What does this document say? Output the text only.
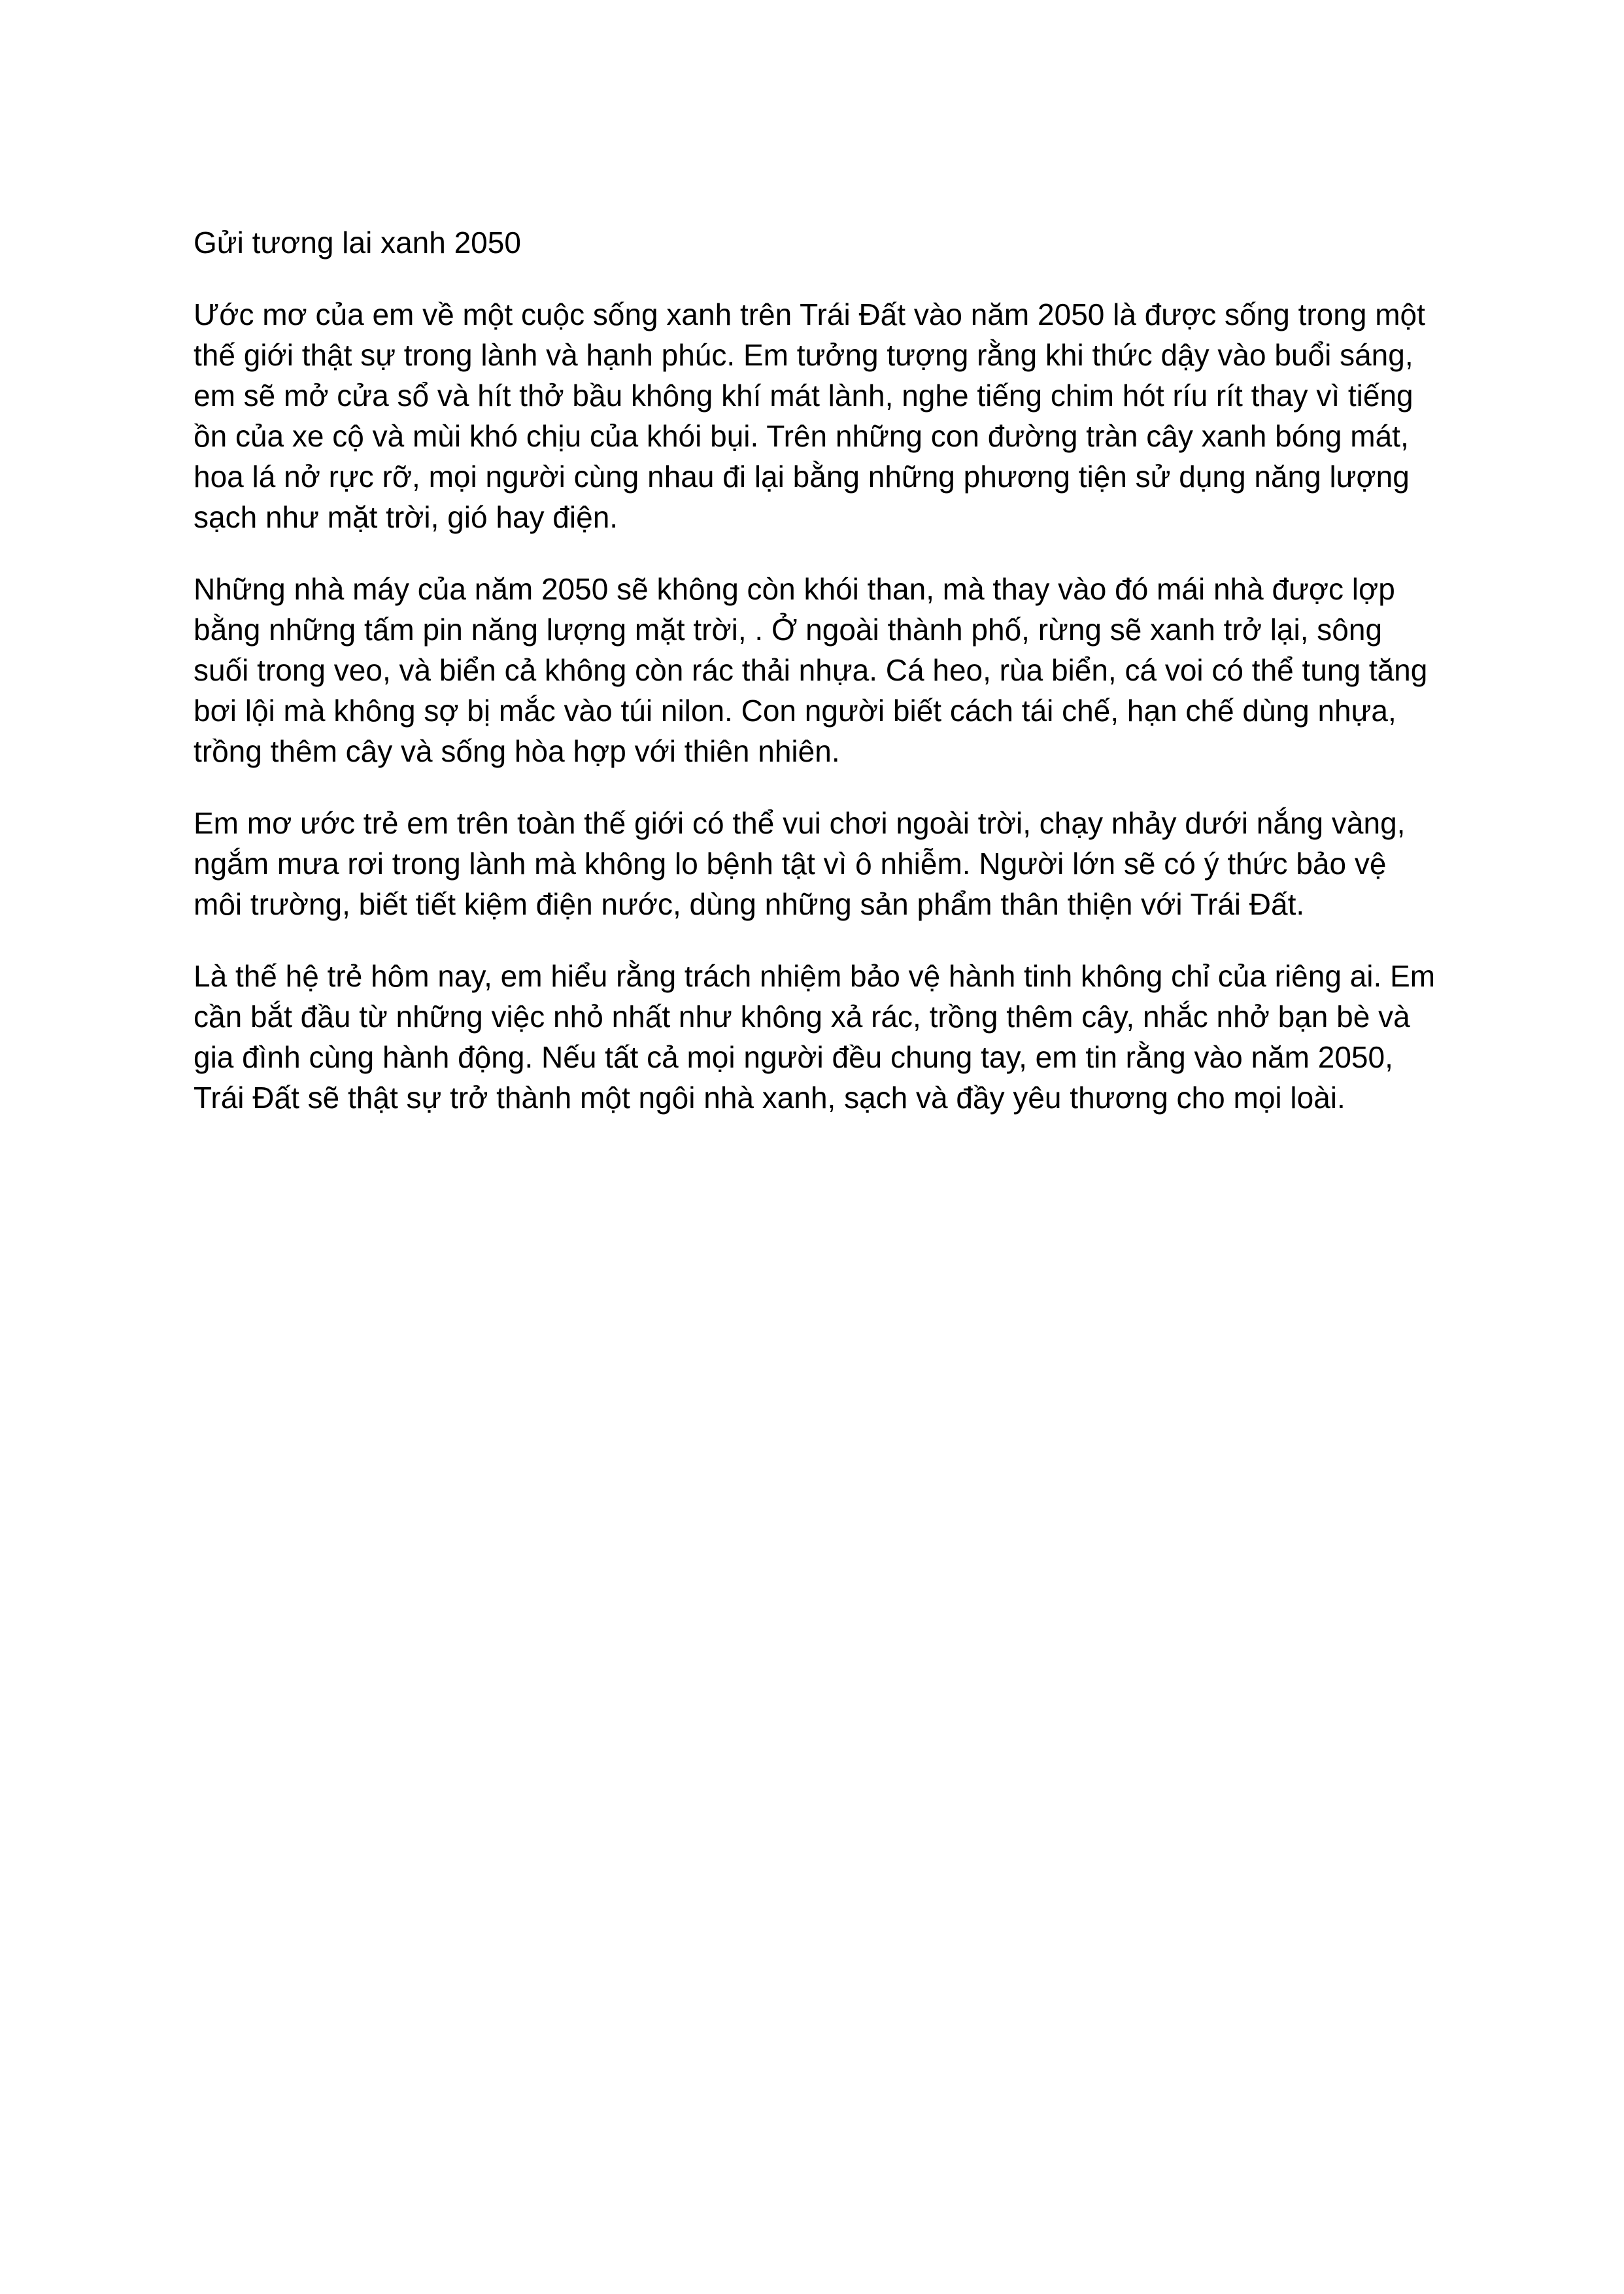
Gửi tương lai xanh 2050

Ước mơ của em về một cuộc sống xanh trên Trái Đất vào năm 2050 là được sống trong một thế giới thật sự trong lành và hạnh phúc. Em tưởng tượng rằng khi thức dậy vào buổi sáng, em sẽ mở cửa sổ và hít thở bầu không khí mát lành, nghe tiếng chim hót ríu rít thay vì tiếng ồn của xe cộ và mùi khó chịu của khói bụi. Trên những con đường tràn cây xanh bóng mát, hoa lá nở rực rỡ, mọi người cùng nhau đi lại bằng những phương tiện sử dụng năng lượng sạch như mặt trời, gió hay điện.

Những nhà máy của năm 2050 sẽ không còn khói than, mà thay vào đó mái nhà được lợp bằng những tấm pin năng lượng mặt trời, . Ở ngoài thành phố, rừng sẽ xanh trở lại, sông suối trong veo, và biển cả không còn rác thải nhựa. Cá heo, rùa biển, cá voi có thể tung tăng bơi lội mà không sợ bị mắc vào túi nilon. Con người biết cách tái chế, hạn chế dùng nhựa, trồng thêm cây và sống hòa hợp với thiên nhiên.

Em mơ ước trẻ em trên toàn thế giới có thể vui chơi ngoài trời, chạy nhảy dưới nắng vàng, ngắm mưa rơi trong lành mà không lo bệnh tật vì ô nhiễm. Người lớn sẽ có ý thức bảo vệ môi trường, biết tiết kiệm điện nước, dùng những sản phẩm thân thiện với Trái Đất.

Là thế hệ trẻ hôm nay, em hiểu rằng trách nhiệm bảo vệ hành tinh không chỉ của riêng ai. Em cần bắt đầu từ những việc nhỏ nhất như không xả rác, trồng thêm cây, nhắc nhở bạn bè và gia đình cùng hành động. Nếu tất cả mọi người đều chung tay, em tin rằng vào năm 2050, Trái Đất sẽ thật sự trở thành một ngôi nhà xanh, sạch và đầy yêu thương cho mọi loài.
